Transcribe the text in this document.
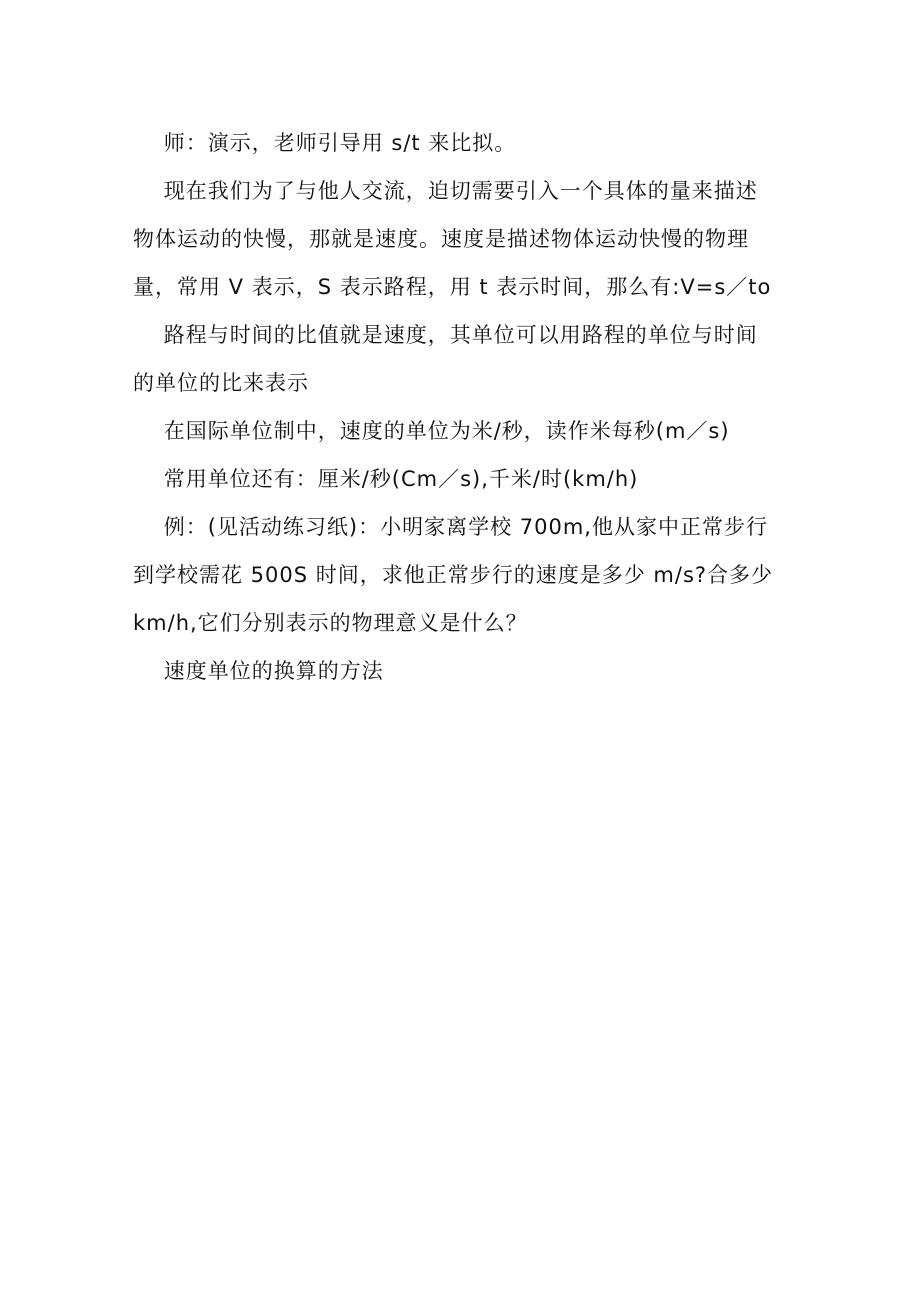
师：演示，老师引导用 s/t 来比拟。

现在我们为了与他人交流，迫切需要引入一个具体的量来描述

物体运动的快慢，那就是速度。速度是描述物体运动快慢的物理

量，常用 V 表示，S 表示路程，用 t 表示时间，那么有:V=s／to

路程与时间的比值就是速度，其单位可以用路程的单位与时间

的单位的比来表示

在国际单位制中，速度的单位为米/秒，读作米每秒(m／s)

常用单位还有：厘米/秒(Cm／s),千米/时(km/h)

例：(见活动练习纸)：小明家离学校 700m,他从家中正常步行

到学校需花 500S 时间，求他正常步行的速度是多少 m/s?合多少

km/h,它们分别表示的物理意义是什么？

速度单位的换算的方法
